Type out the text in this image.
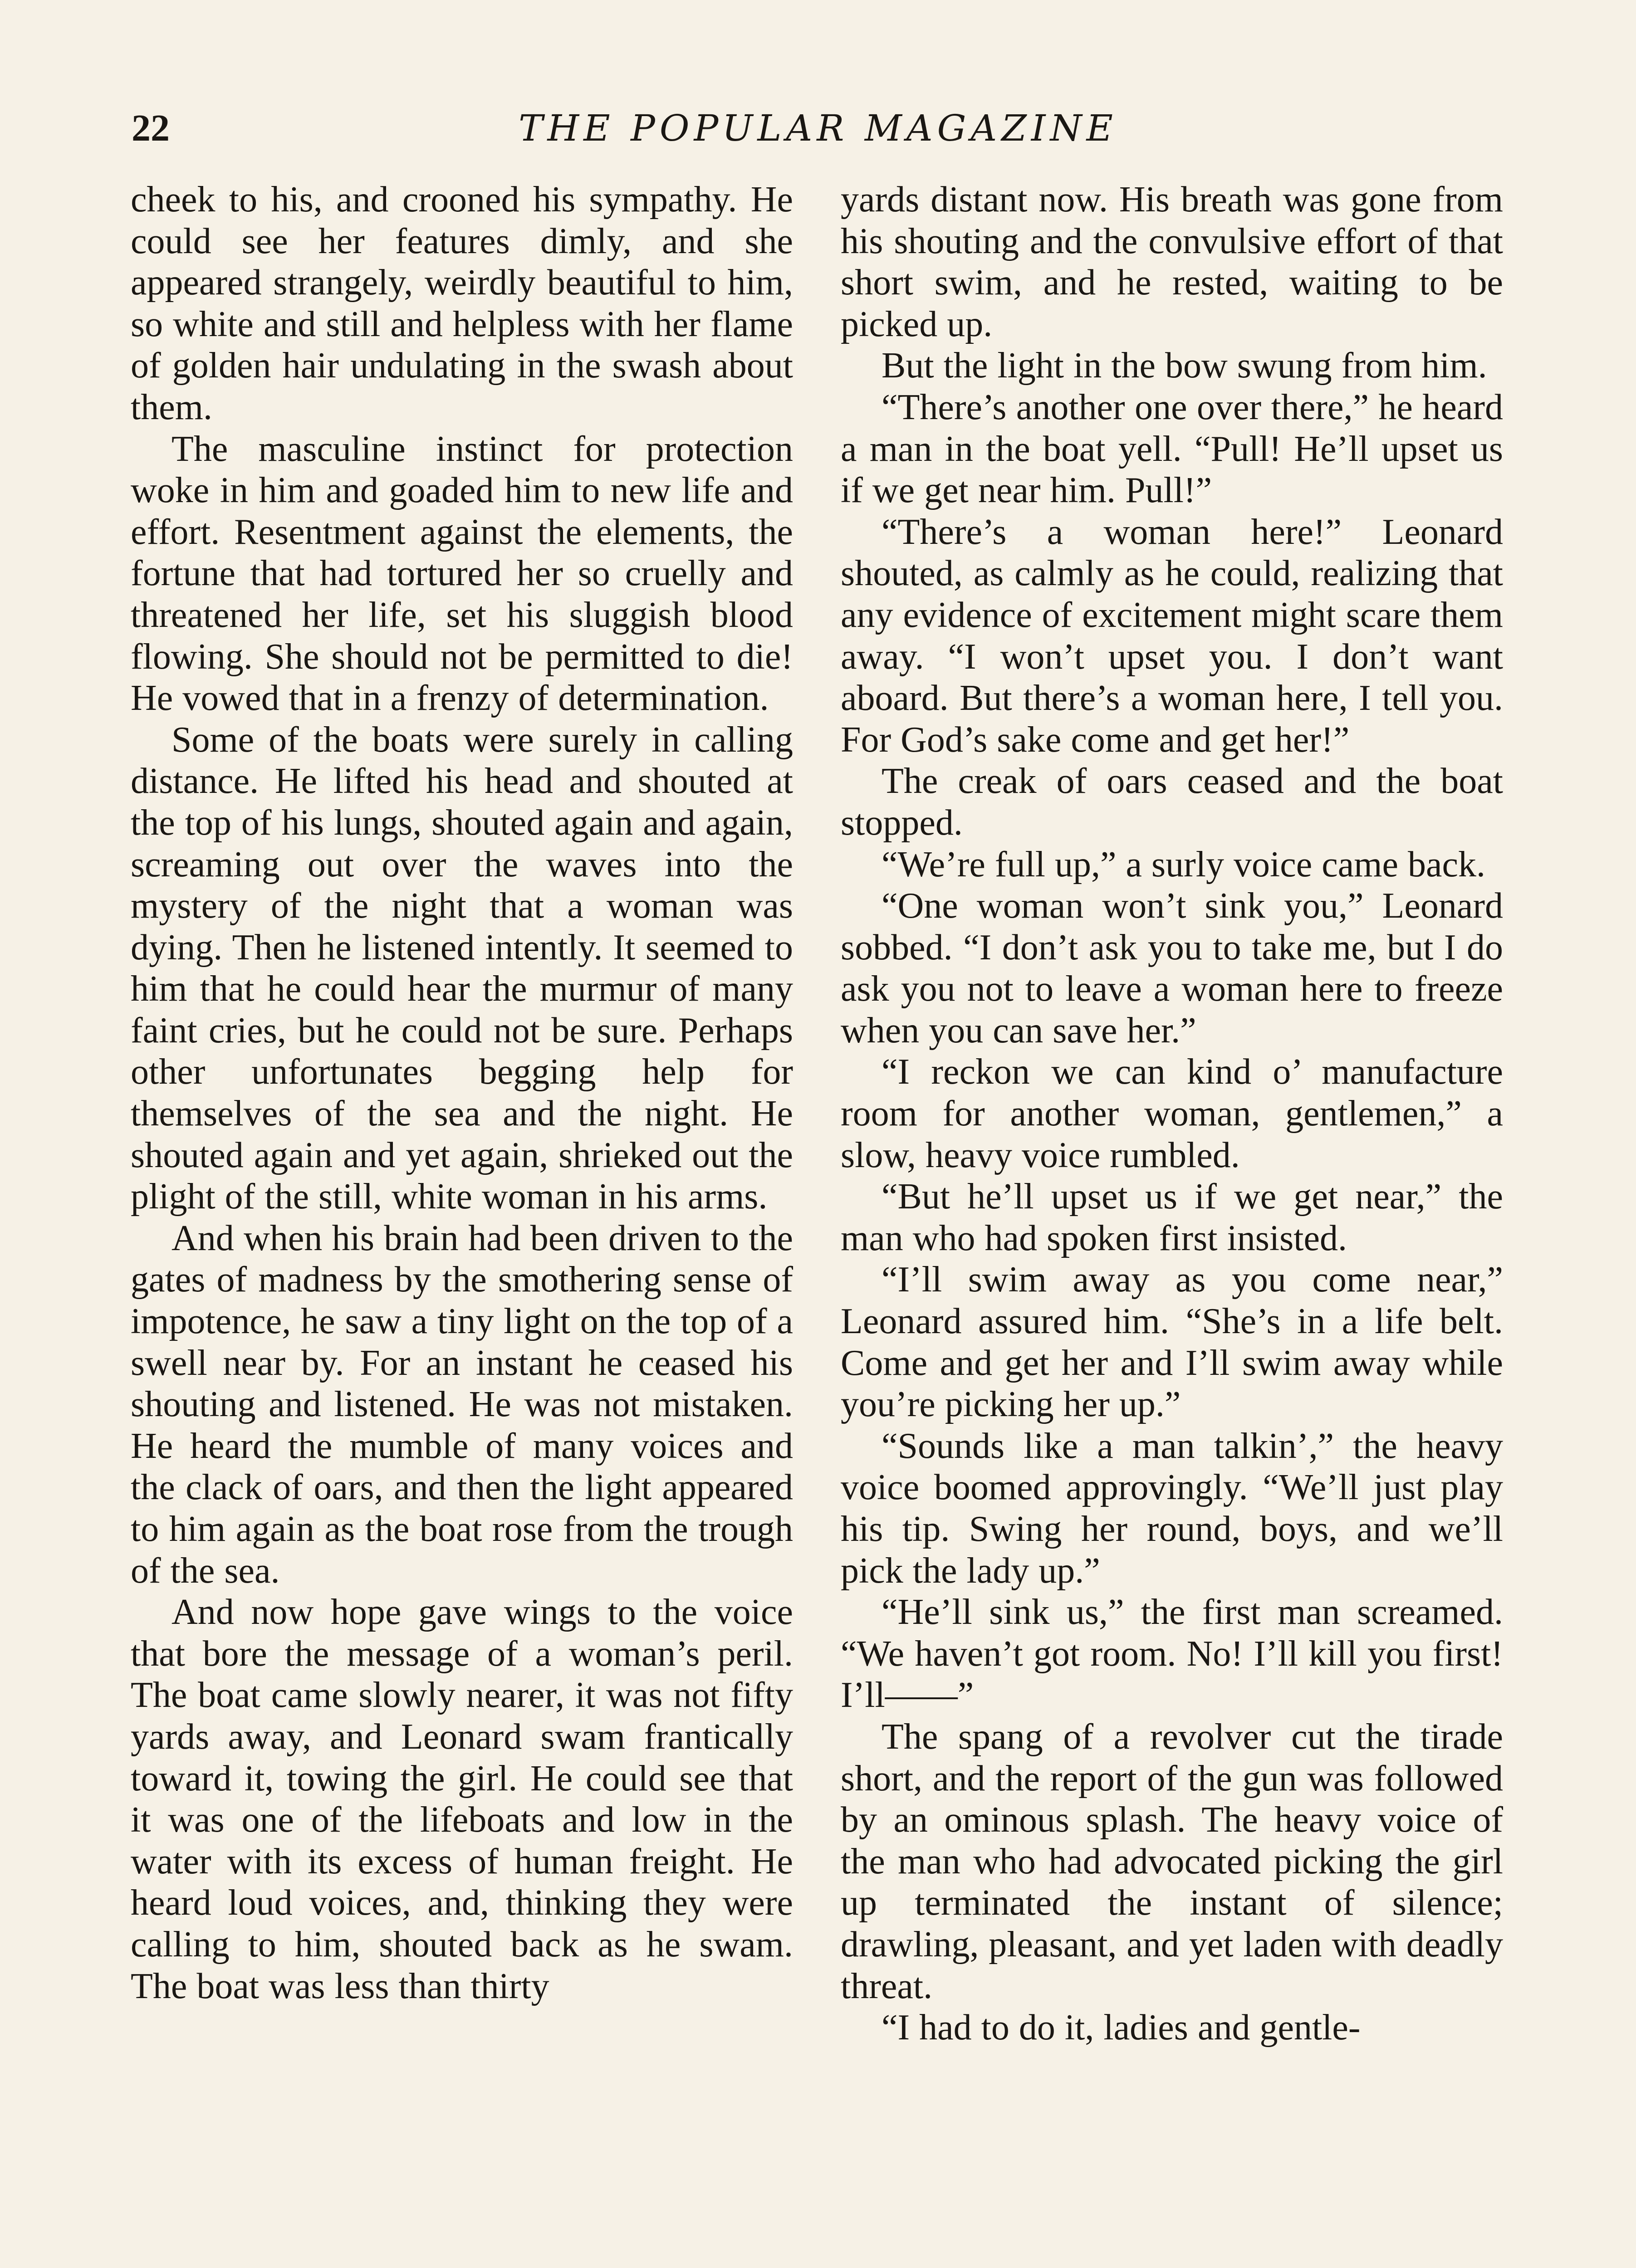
22	THE POPULAR MAGAZINE

cheek to his, and crooned his sympathy. He could see her features dimly, and she appeared strangely, weirdly beautiful to him, so white and still and helpless with her flame of golden hair undulating in the swash about them.

The masculine instinct for protection woke in him and goaded him to new life and effort. Resentment against the elements, the fortune that had tortured her so cruelly and threatened her life, set his sluggish blood flowing. She should not be permitted to die! He vowed that in a frenzy of determination.

Some of the boats were surely in calling distance. He lifted his head and shouted at the top of his lungs, shouted again and again, screaming out over the waves into the mystery of the night that a woman was dying. Then he listened intently. It seemed to him that he could hear the murmur of many faint cries, but he could not be sure. Perhaps other unfortunates begging help for themselves of the sea and the night. He shouted again and yet again, shrieked out the plight of the still, white woman in his arms.

And when his brain had been driven to the gates of madness by the smothering sense of impotence, he saw a tiny light on the top of a swell near by. For an instant he ceased his shouting and listened. He was not mistaken. He heard the mumble of many voices and the clack of oars, and then the light appeared to him again as the boat rose from the trough of the sea.

And now hope gave wings to the voice that bore the message of a woman’s peril. The boat came slowly nearer, it was not fifty yards away, and Leonard swam frantically toward it, towing the girl. He could see that it was one of the lifeboats and low in the water with its excess of human freight. He heard loud voices, and, thinking they were calling to him, shouted back as he swam. The boat was less than thirty

yards distant now. His breath was gone from his shouting and the convulsive effort of that short swim, and he rested, waiting to be picked up.

But the light in the bow swung from him.

“There’s another one over there,” he heard a man in the boat yell. “Pull! He’ll upset us if we get near him. Pull!”

“There’s a woman here!” Leonard shouted, as calmly as he could, realizing that any evidence of excitement might scare them away. “I won’t upset you. I don’t want aboard. But there’s a woman here, I tell you. For God’s sake come and get her!”

The creak of oars ceased and the boat stopped.

“We’re full up,” a surly voice came back.

“One woman won’t sink you,” Leonard sobbed. “I don’t ask you to take me, but I do ask you not to leave a woman here to freeze when you can save her.”

“I reckon we can kind o’ manufacture room for another woman, gentlemen,” a slow, heavy voice rumbled.

“But he’ll upset us if we get near,” the man who had spoken first insisted.

“I’ll swim away as you come near,” Leonard assured him. “She’s in a life belt. Come and get her and I’ll swim away while you’re picking her up.”

“Sounds like a man talkin’,” the heavy voice boomed approvingly. “We’ll just play his tip. Swing her round, boys, and we’ll pick the lady up.”

“He’ll sink us,” the first man screamed. “We haven’t got room. No! I’ll kill you first! I’ll——”

The spang of a revolver cut the tirade short, and the report of the gun was followed by an ominous splash. The heavy voice of the man who had advocated picking the girl up terminated the instant of silence; drawling, pleasant, and yet laden with deadly threat.

“I had to do it, ladies and gentle-
